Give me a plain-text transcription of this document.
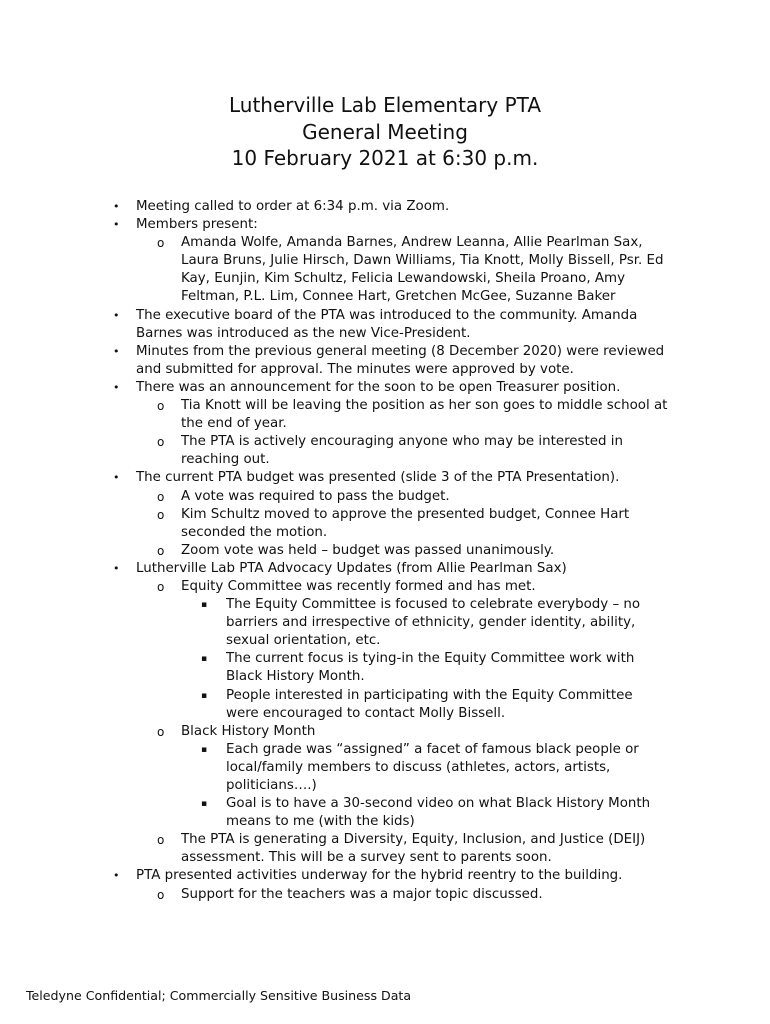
Lutherville Lab Elementary PTA
General Meeting
10 February 2021 at 6:30 p.m.
• Meeting called to order at 6:34 p.m. via Zoom.
• Members present:
o Amanda Wolfe, Amanda Barnes, Andrew Leanna, Allie Pearlman Sax, Laura Bruns, Julie Hirsch, Dawn Williams, Tia Knott, Molly Bissell, Psr. Ed Kay, Eunjin, Kim Schultz, Felicia Lewandowski, Sheila Proano, Amy Feltman, P.L. Lim, Connee Hart, Gretchen McGee, Suzanne Baker
• The executive board of the PTA was introduced to the community. Amanda Barnes was introduced as the new Vice-President.
• Minutes from the previous general meeting (8 December 2020) were reviewed and submitted for approval. The minutes were approved by vote.
• There was an announcement for the soon to be open Treasurer position.
o Tia Knott will be leaving the position as her son goes to middle school at the end of year.
o The PTA is actively encouraging anyone who may be interested in reaching out.
• The current PTA budget was presented (slide 3 of the PTA Presentation).
o A vote was required to pass the budget.
o Kim Schultz moved to approve the presented budget, Connee Hart seconded the motion.
o Zoom vote was held – budget was passed unanimously.
• Lutherville Lab PTA Advocacy Updates (from Allie Pearlman Sax)
o Equity Committee was recently formed and has met.
▪ The Equity Committee is focused to celebrate everybody – no barriers and irrespective of ethnicity, gender identity, ability, sexual orientation, etc.
▪ The current focus is tying-in the Equity Committee work with Black History Month.
▪ People interested in participating with the Equity Committee were encouraged to contact Molly Bissell.
o Black History Month
▪ Each grade was “assigned” a facet of famous black people or local/family members to discuss (athletes, actors, artists, politicians….)
▪ Goal is to have a 30-second video on what Black History Month means to me (with the kids)
o The PTA is generating a Diversity, Equity, Inclusion, and Justice (DEIJ) assessment. This will be a survey sent to parents soon.
• PTA presented activities underway for the hybrid reentry to the building.
o Support for the teachers was a major topic discussed.
Teledyne Confidential; Commercially Sensitive Business Data
